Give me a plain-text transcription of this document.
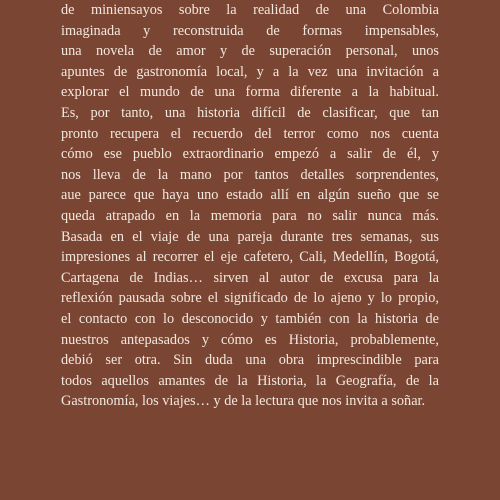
de miniensayos sobre la realidad de una Colombia
imaginada y reconstruida de formas impensables,
una novela de amor y de superación personal, unos
apuntes de gastronomía local, y a la vez una invitación a
explorar el mundo de una forma diferente a la habitual.
Es, por tanto, una historia difícil de clasificar, que tan
pronto recupera el recuerdo del terror como nos cuenta
cómo ese pueblo extraordinario empezó a salir de él, y
nos lleva de la mano por tantos detalles sorprendentes,
aue parece que haya uno estado allí en algún sueño que se
queda atrapado en la memoria para no salir nunca más.
Basada en el viaje de una pareja durante tres semanas, sus
impresiones al recorrer el eje cafetero, Cali, Medellín, Bogotá,
Cartagena de Indias… sirven al autor de excusa para la
reflexión pausada sobre el significado de lo ajeno y lo propio,
el contacto con lo desconocido y también con la historia de
nuestros antepasados y cómo es Historia, probablemente,
debió ser otra. Sin duda una obra imprescindible para
todos aquellos amantes de la Historia, la Geografía, de la
Gastronomía, los viajes… y de la lectura que nos invita a soñar.
